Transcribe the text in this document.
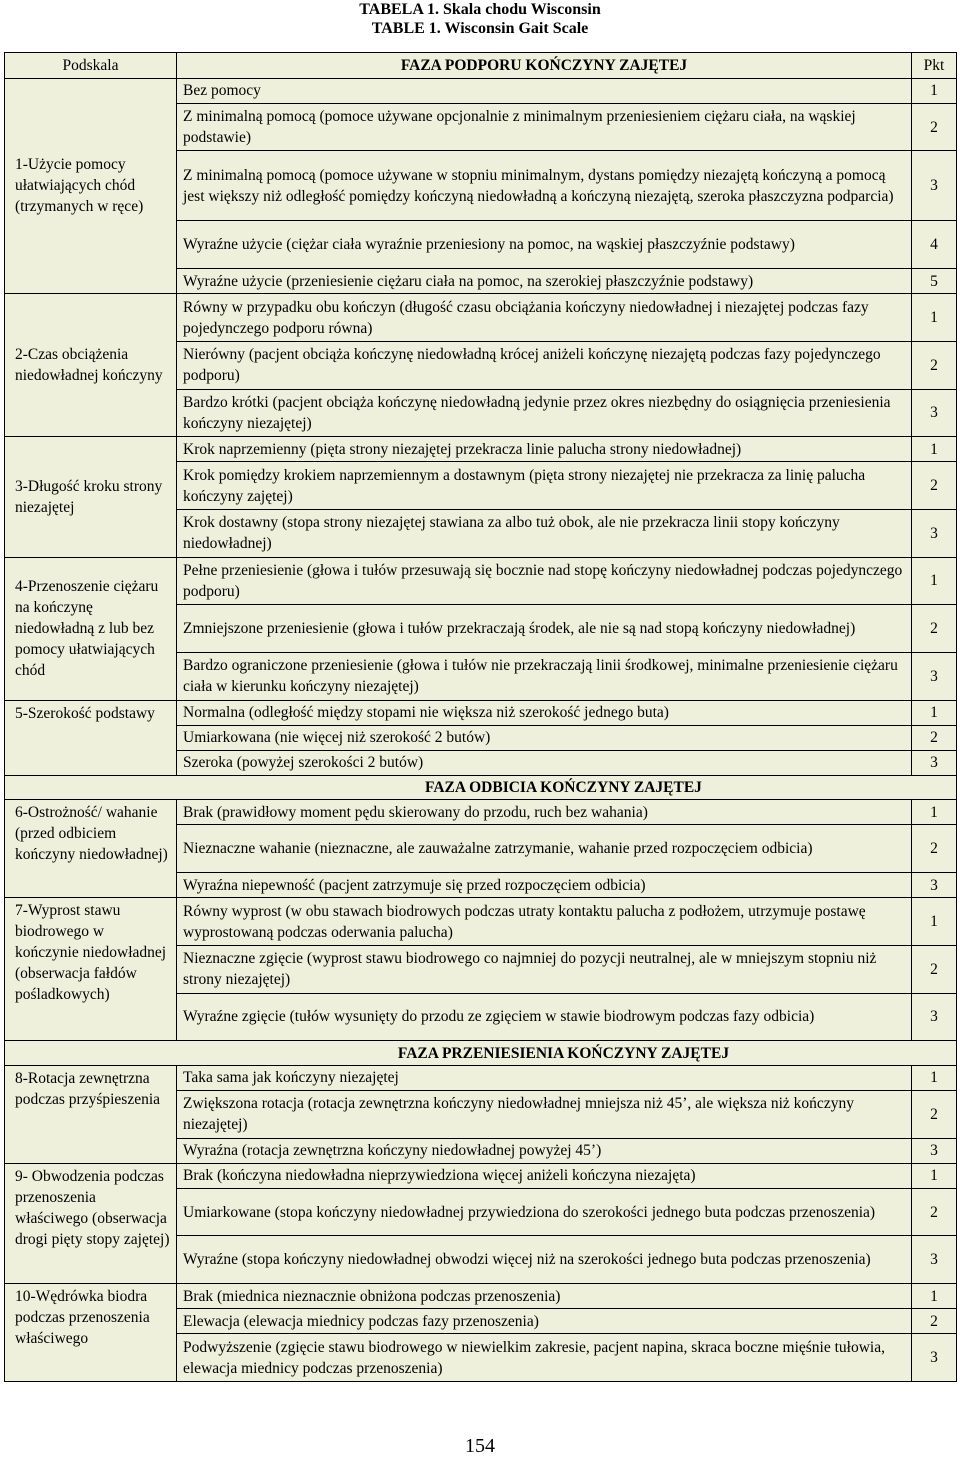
TABELA 1. Skala chodu Wisconsin
TABLE 1. Wisconsin Gait Scale
Podskala	FAZA PODPORU KOŃCZYNY ZAJĘTEJ	Pkt
1-Użycie pomocy ułatwiających chód (trzymanych w ręce)	Bez pomocy	1
	Z minimalną pomocą (pomoce używane opcjonalnie z minimalnym przeniesieniem ciężaru ciała, na wąskiej podstawie)	2
	Z minimalną pomocą (pomoce używane w stopniu minimalnym, dystans pomiędzy niezajętą kończyną a pomocą jest większy niż odległość pomiędzy kończyną niedowładną a kończyną niezajętą, szeroka płaszczyzna podparcia)	3
	Wyraźne użycie (ciężar ciała wyraźnie przeniesiony na pomoc, na wąskiej płaszczyźnie podstawy)	4
	Wyraźne użycie (przeniesienie ciężaru ciała na pomoc, na szerokiej płaszczyźnie podstawy)	5
2-Czas obciążenia niedowładnej kończyny	Równy w przypadku obu kończyn (długość czasu obciążania kończyny niedowładnej i niezajętej podczas fazy pojedynczego podporu równa)	1
	Nierówny (pacjent obciąża kończynę niedowładną krócej aniżeli kończynę niezajętą podczas fazy pojedynczego podporu)	2
	Bardzo krótki (pacjent obciąża kończynę niedowładną jedynie przez okres niezbędny do osiągnięcia przeniesienia kończyny niezajętej)	3
3-Długość kroku strony niezajętej	Krok naprzemienny (pięta strony niezajętej przekracza linie palucha strony niedowładnej)	1
	Krok pomiędzy krokiem naprzemiennym a dostawnym (pięta strony niezajętej nie przekracza za linię palucha kończyny zajętej)	2
	Krok dostawny (stopa strony niezajętej stawiana za albo tuż obok, ale nie przekracza linii stopy kończyny niedowładnej)	3
4-Przenoszenie ciężaru na kończynę niedowładną z lub bez pomocy ułatwiających chód	Pełne przeniesienie (głowa i tułów przesuwają się bocznie nad stopę kończyny niedowładnej podczas pojedynczego podporu)	1
	Zmniejszone przeniesienie (głowa i tułów przekraczają środek, ale nie są nad stopą kończyny niedowładnej)	2
	Bardzo ograniczone przeniesienie (głowa i tułów nie przekraczają linii środkowej, minimalne przeniesienie ciężaru ciała w kierunku kończyny niezajętej)	3
5-Szerokość podstawy	Normalna (odległość między stopami nie większa niż szerokość jednego buta)	1
	Umiarkowana (nie więcej niż szerokość 2 butów)	2
	Szeroka (powyżej szerokości 2 butów)	3
FAZA ODBICIA KOŃCZYNY ZAJĘTEJ		
6-Ostrożność/ wahanie (przed odbiciem kończyny niedowładnej)	Brak (prawidłowy moment pędu skierowany do przodu, ruch bez wahania)	1
	Nieznaczne wahanie (nieznaczne, ale zauważalne zatrzymanie, wahanie przed rozpoczęciem odbicia)	2
	Wyraźna niepewność (pacjent zatrzymuje się przed rozpoczęciem odbicia)	3
7-Wyprost stawu biodrowego w kończynie niedowładnej (obserwacja fałdów pośladkowych)	Równy wyprost (w obu stawach biodrowych podczas utraty kontaktu palucha z podłożem, utrzymuje postawę wyprostowaną podczas oderwania palucha)	1
	Nieznaczne zgięcie (wyprost stawu biodrowego co najmniej do pozycji neutralnej, ale w mniejszym stopniu niż strony niezajętej)	2
	Wyraźne zgięcie (tułów wysunięty do przodu ze zgięciem w stawie biodrowym podczas fazy odbicia)	3
FAZA PRZENIESIENIA KOŃCZYNY ZAJĘTEJ		
8-Rotacja zewnętrzna podczas przyśpieszenia	Taka sama jak kończyny niezajętej	1
	Zwiększona rotacja (rotacja zewnętrzna kończyny niedowładnej mniejsza niż 45’, ale większa niż kończyny niezajętej)	2
	Wyraźna (rotacja zewnętrzna kończyny niedowładnej powyżej 45’)	3
9- Obwodzenia podczas przenoszenia właściwego (obserwacja drogi pięty stopy zajętej)	Brak (kończyna niedowładna nieprzywiedziona więcej aniżeli kończyna niezajęta)	1
	Umiarkowane (stopa kończyny niedowładnej przywiedziona do szerokości jednego buta podczas przenoszenia)	2
	Wyraźne (stopa kończyny niedowładnej obwodzi więcej niż na szerokości jednego buta podczas przenoszenia)	3
10-Wędrówka biodra podczas przenoszenia właściwego	Brak (miednica nieznacznie obniżona podczas przenoszenia)	1
	Elewacja (elewacja miednicy podczas fazy przenoszenia)	2
	Podwyższenie (zgięcie stawu biodrowego w niewielkim zakresie, pacjent napina, skraca boczne mięśnie tułowia, elewacja miednicy podczas przenoszenia)	3
154
